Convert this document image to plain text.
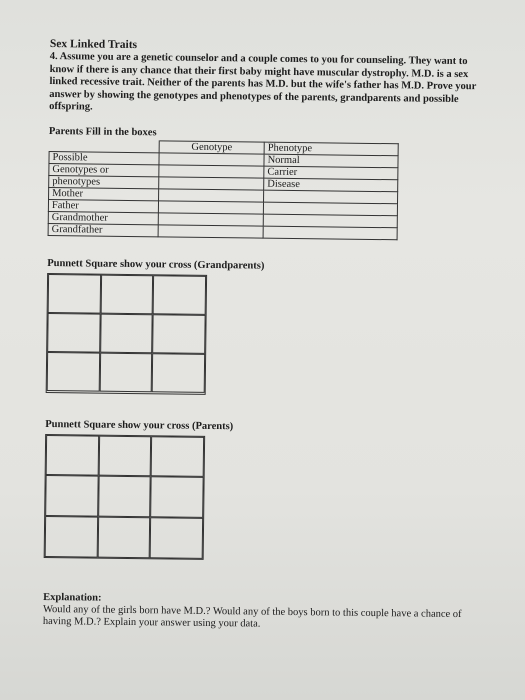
Sex Linked Traits

4. Assume you are a genetic counselor and a couple comes to you for counseling. They want to know if there is any chance that their first baby might have muscular dystrophy. M.D. is a sex linked recessive trait. Neither of the parents has M.D. but the wife's father has M.D. Prove your answer by showing the genotypes and phenotypes of the parents, grandparents and possible offspring.

Parents Fill in the boxes
	Genotype	Phenotype
Possible		Normal
Genotypes or		Carrier
phenotypes		Disease
Mother		
Father		
Grandmother		
Grandfather		
Punnett Square show your cross (Grandparents)
Punnett Square show your cross (Parents)
Explanation:
Would any of the girls born have M.D.? Would any of the boys born to this couple have a chance of having M.D.? Explain your answer using your data.
